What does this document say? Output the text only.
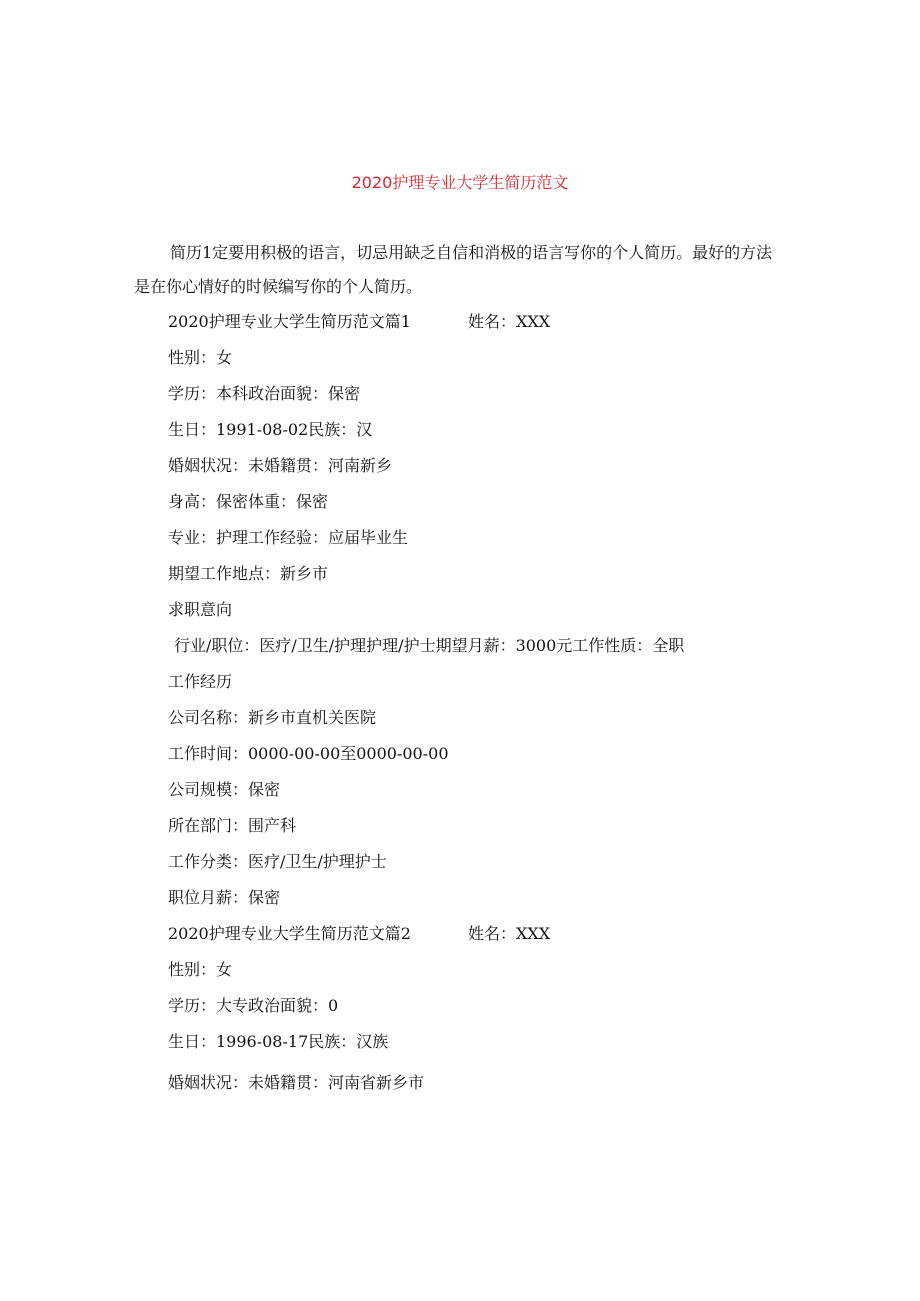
2020护理专业大学生简历范文

简历1定要用积极的语言，切忌用缺乏自信和消极的语言写你的个人简历。最好的方法是在你心情好的时候编写你的个人简历。

2020护理专业大学生简历范文篇1	姓名：XXX
性别：女
学历：本科政治面貌：保密
生日：1991-08-02民族：汉
婚姻状况：未婚籍贯：河南新乡
身高：保密体重：保密
专业：护理工作经验：应届毕业生
期望工作地点：新乡市
求职意向
行业/职位：医疗/卫生/护理护理/护士期望月薪：3000元工作性质：全职
工作经历
公司名称：新乡市直机关医院
工作时间：0000-00-00至0000-00-00
公司规模：保密
所在部门：围产科
工作分类：医疗/卫生/护理护士
职位月薪：保密
2020护理专业大学生简历范文篇2	姓名：XXX
性别：女
学历：大专政治面貌：0
生日：1996-08-17民族：汉族
婚姻状况：未婚籍贯：河南省新乡市
